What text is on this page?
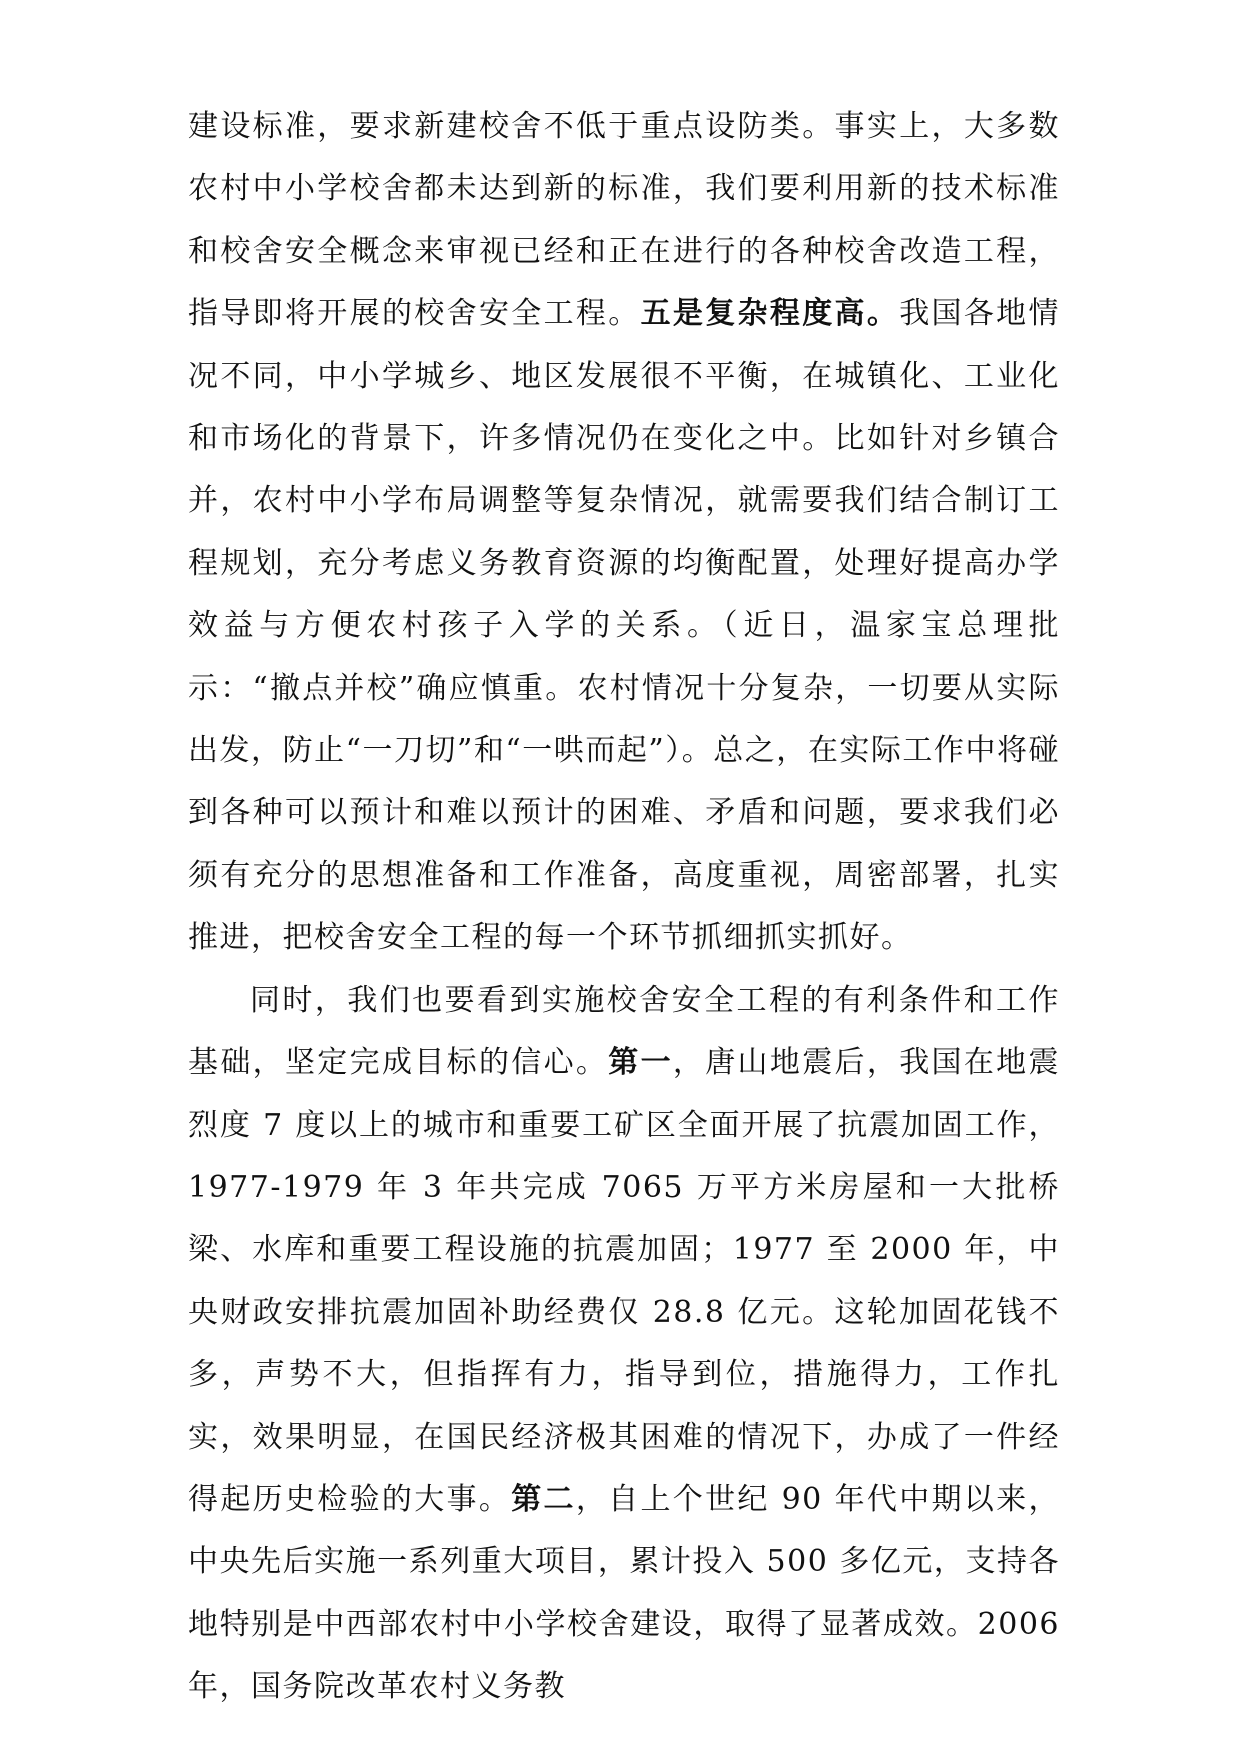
建设标准，要求新建校舍不低于重点设防类。事实上，大多数农村中小学校舍都未达到新的标准，我们要利用新的技术标准和校舍安全概念来审视已经和正在进行的各种校舍改造工程，指导即将开展的校舍安全工程。五是复杂程度高。我国各地情况不同，中小学城乡、地区发展很不平衡，在城镇化、工业化和市场化的背景下，许多情况仍在变化之中。比如针对乡镇合并，农村中小学布局调整等复杂情况，就需要我们结合制订工程规划，充分考虑义务教育资源的均衡配置，处理好提高办学效益与方便农村孩子入学的关系。（近日，温家宝总理批示：“撤点并校”确应慎重。农村情况十分复杂，一切要从实际出发，防止“一刀切”和“一哄而起”）。总之，在实际工作中将碰到各种可以预计和难以预计的困难、矛盾和问题，要求我们必须有充分的思想准备和工作准备，高度重视，周密部署，扎实推进，把校舍安全工程的每一个环节抓细抓实抓好。

同时，我们也要看到实施校舍安全工程的有利条件和工作基础，坚定完成目标的信心。第一，唐山地震后，我国在地震烈度 7 度以上的城市和重要工矿区全面开展了抗震加固工作，1977-1979 年 3 年共完成 7065 万平方米房屋和一大批桥梁、水库和重要工程设施的抗震加固；1977 至 2000 年，中央财政安排抗震加固补助经费仅 28.8 亿元。这轮加固花钱不多，声势不大，但指挥有力，指导到位，措施得力，工作扎实，效果明显，在国民经济极其困难的情况下，办成了一件经得起历史检验的大事。第二，自上个世纪 90 年代中期以来，中央先后实施一系列重大项目，累计投入 500 多亿元，支持各地特别是中西部农村中小学校舍建设，取得了显著成效。2006 年，国务院改革农村义务教
